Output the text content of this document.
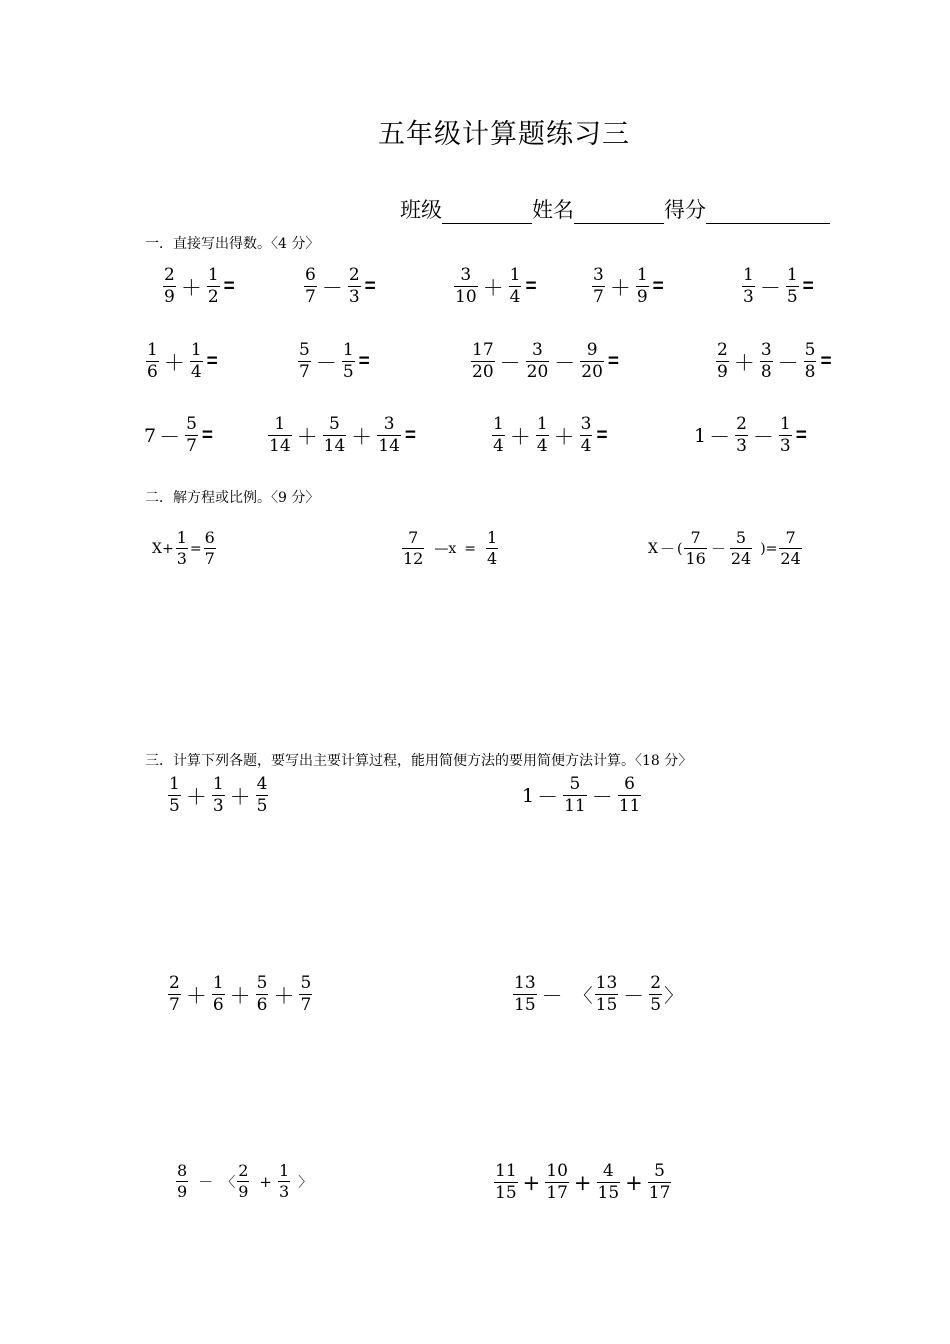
五年级计算题练习三
班级	姓名	得分
一．直接写出得数。〈4 分〉
二．解方程或比例。〈9 分〉
三．计算下列各题，要写出主要计算过程，能用简便方法的要用简便方法计算。〈18 分〉
$\frac{2}{9} + \frac{1}{2}$ =	$\frac{6}{7} - \frac{2}{3}$ =	$\frac{3}{10} + \frac{1}{4}$ =	$\frac{3}{7} + \frac{1}{9}$ =	$\frac{1}{3} - \frac{1}{5}$ =
$\frac{1}{6} + \frac{1}{4}$ =	$\frac{5}{7} - \frac{1}{5}$ =	$\frac{17}{20} - \frac{3}{20} - \frac{9}{20}$ =	$\frac{2}{9} + \frac{3}{8} - \frac{5}{8}$ =
$7 - \frac{5}{7}$ =	$\frac{1}{14} + \frac{5}{14} + \frac{3}{14}$ =	$\frac{1}{4} + \frac{1}{4} + \frac{3}{4}$ =	$1 - \frac{2}{3} - \frac{1}{3}$ =
$X + \frac{1}{3} = \frac{6}{7}$	$\frac{7}{12}$ —x = $\frac{1}{4}$	X － ( $\frac{7}{16} - \frac{5}{24}$ ) = $\frac{7}{24}$
$\frac{1}{5} + \frac{1}{3} + \frac{4}{5}$	$1 - \frac{5}{11} - \frac{6}{11}$
$\frac{2}{7} + \frac{1}{6} + \frac{5}{6} + \frac{5}{7}$	$\frac{13}{15}$ － 〈 $\frac{13}{15} - \frac{2}{5}$ 〉
$\frac{8}{9}$ － 〈 $\frac{2}{9} + \frac{1}{3}$ 〉	$\frac{11}{15} + \frac{10}{17} + \frac{4}{15} + \frac{5}{17}$
